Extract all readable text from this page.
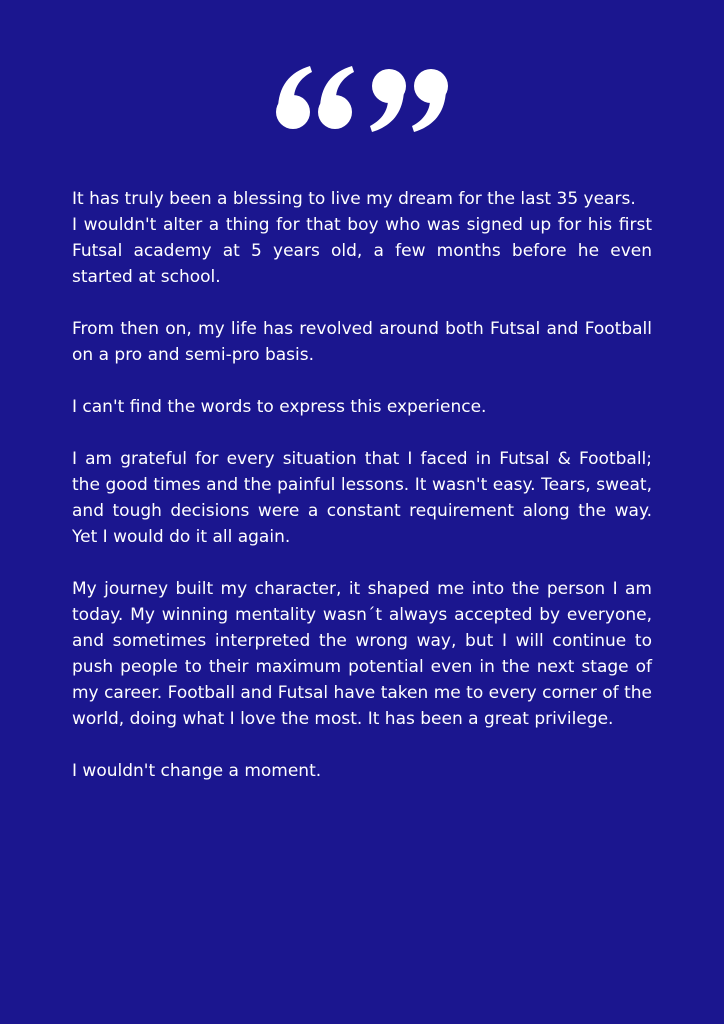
It has truly been a blessing to live my dream for the last 35 years.
I wouldn't alter a thing for that boy who was signed up for his first Futsal academy at 5 years old, a few months before he even started at school.

From then on, my life has revolved around both Futsal and Football on a pro and semi-pro basis.

I can't find the words to express this experience.

I am grateful for every situation that I faced in Futsal & Football; the good times and the painful lessons. It wasn't easy. Tears, sweat, and tough decisions were a constant requirement along the way. Yet I would do it all again.

My journey built my character, it shaped me into the person I am today. My winning mentality wasn´t always accepted by everyone, and sometimes interpreted the wrong way, but I will continue to push people to their maximum potential even in the next stage of my career. Football and Futsal have taken me to every corner of the world, doing what I love the most. It has been a great privilege.

I wouldn't change a moment.
